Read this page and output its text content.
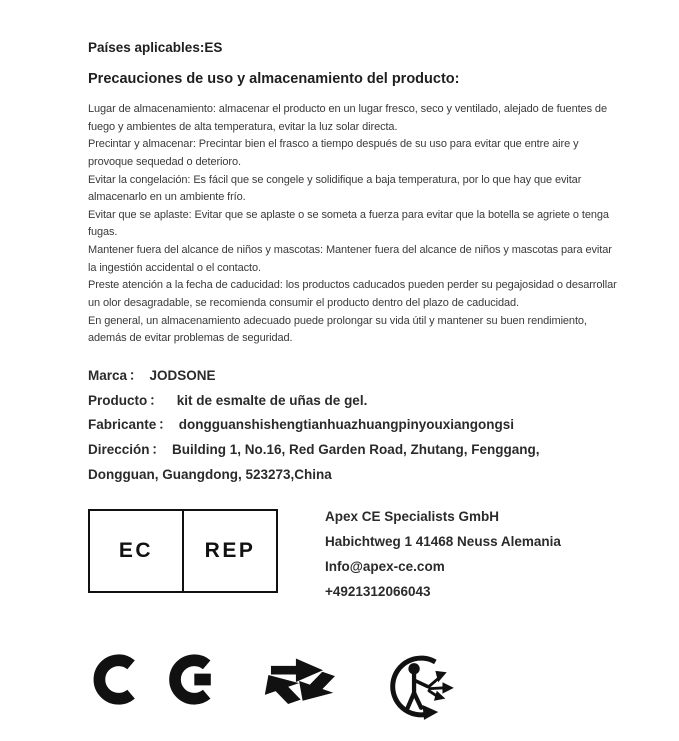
Países aplicables:ES
Precauciones de uso y almacenamiento del producto:
Lugar de almacenamiento: almacenar el producto en un lugar fresco, seco y ventilado, alejado de fuentes de
fuego y ambientes de alta temperatura, evitar la luz solar directa.
Precintar y almacenar: Precintar bien el frasco a tiempo después de su uso para evitar que entre aire y
provoque sequedad o deterioro.
Evitar la congelación: Es fácil que se congele y solidifique a baja temperatura, por lo que hay que evitar
almacenarlo en un ambiente frío.
Evitar que se aplaste: Evitar que se aplaste o se someta a fuerza para evitar que la botella se agriete o tenga
fugas.
Mantener fuera del alcance de niños y mascotas: Mantener fuera del alcance de niños y mascotas para evitar
la ingestión accidental o el contacto.
Preste atención a la fecha de caducidad: los productos caducados pueden perder su pegajosidad o desarrollar
un olor desagradable, se recomienda consumir el producto dentro del plazo de caducidad.
En general, un almacenamiento adecuado puede prolongar su vida útil y mantener su buen rendimiento,
además de evitar problemas de seguridad.
Marca ： JODSONE
Producto ： kit de esmalte de uñas de gel.
Fabricante ： dongguanshishengtianhuazhuangpinyouxiangongsi
Dirección ： Building 1, No.16, Red Garden Road, Zhutang, Fenggang, Dongguan, Guangdong, 523273,China
EC	REP
Apex CE Specialists GmbH
Habichtweg 1 41468 Neuss Alemania
Info@apex-ce.com
+4921312066043
